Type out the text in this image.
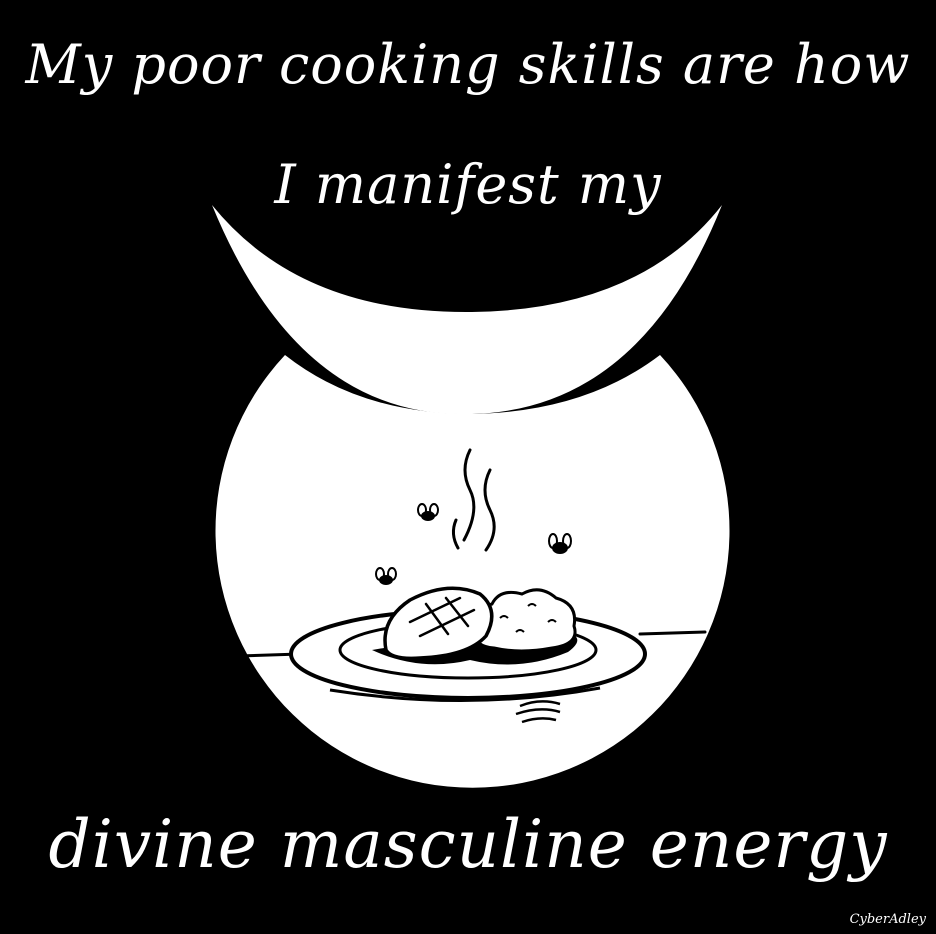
My poor cooking skills are how
I manifest my
divine masculine energy
CyberAdley
